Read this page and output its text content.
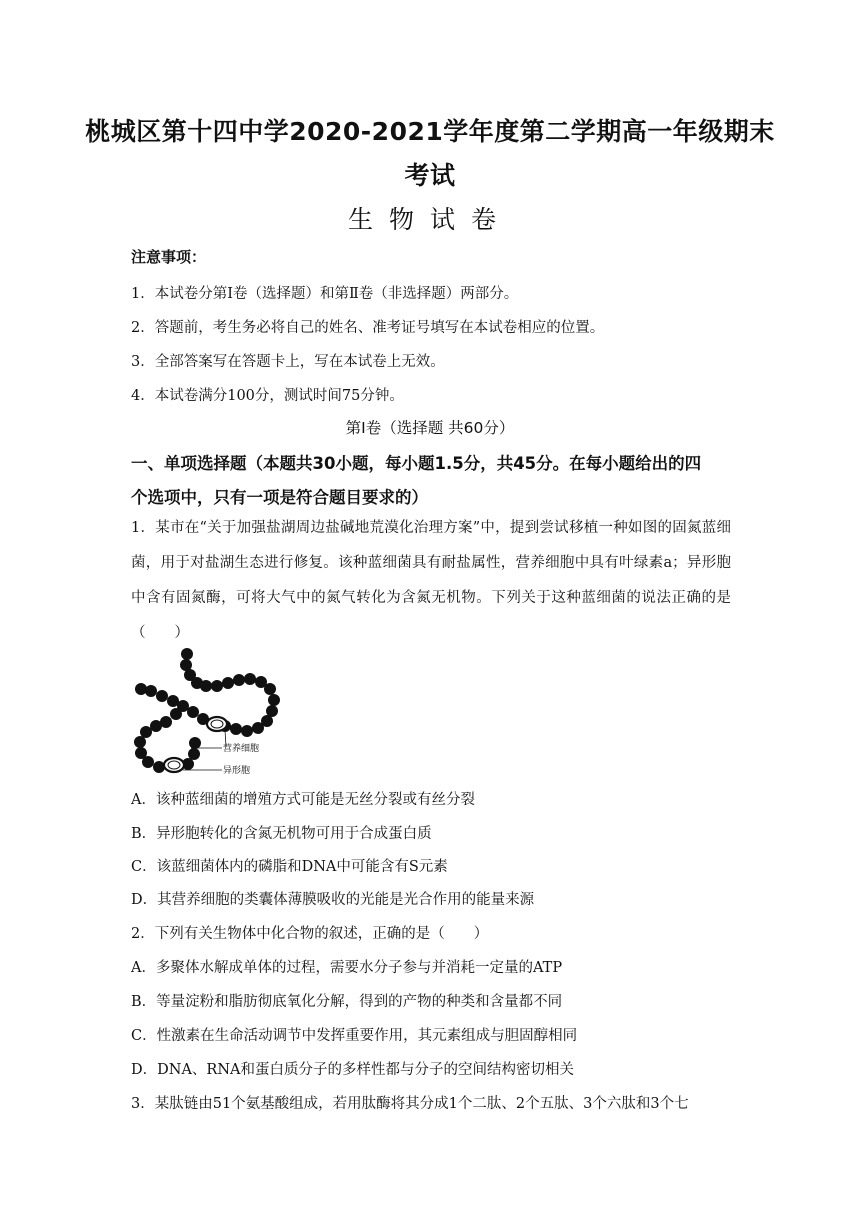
桃城区第十四中学2020-2021学年度第二学期高一年级期末
考试
生物试卷
注意事项：
1．本试卷分第Ⅰ卷（选择题）和第Ⅱ卷（非选择题）两部分。
2．答题前，考生务必将自己的姓名、准考证号填写在本试卷相应的位置。
3．全部答案写在答题卡上，写在本试卷上无效。
4．本试卷满分100分，测试时间75分钟。
第Ⅰ卷（选择题 共60分）
一、单项选择题（本题共30小题，每小题1.5分，共45分。在每小题给出的四
个选项中，只有一项是符合题目要求的）
1．某市在“关于加强盐湖周边盐碱地荒漠化治理方案”中，提到尝试移植一种如图的固氮蓝细菌，用于对盐湖生态进行修复。该种蓝细菌具有耐盐属性，营养细胞中具有叶绿素a；异形胞中含有固氮酶，可将大气中的氮气转化为含氮无机物。下列关于这种蓝细菌的说法正确的是（　　）
营养细胞
异形胞
A．该种蓝细菌的增殖方式可能是无丝分裂或有丝分裂
B．异形胞转化的含氮无机物可用于合成蛋白质
C．该蓝细菌体内的磷脂和DNA中可能含有S元素
D．其营养细胞的类囊体薄膜吸收的光能是光合作用的能量来源
2．下列有关生物体中化合物的叙述，正确的是（　　）
A．多聚体水解成单体的过程，需要水分子参与并消耗一定量的ATP
B．等量淀粉和脂肪彻底氧化分解，得到的产物的种类和含量都不同
C．性激素在生命活动调节中发挥重要作用，其元素组成与胆固醇相同
D．DNA、RNA和蛋白质分子的多样性都与分子的空间结构密切相关
3．某肽链由51个氨基酸组成，若用肽酶将其分成1个二肽、2个五肽、3个六肽和3个七
